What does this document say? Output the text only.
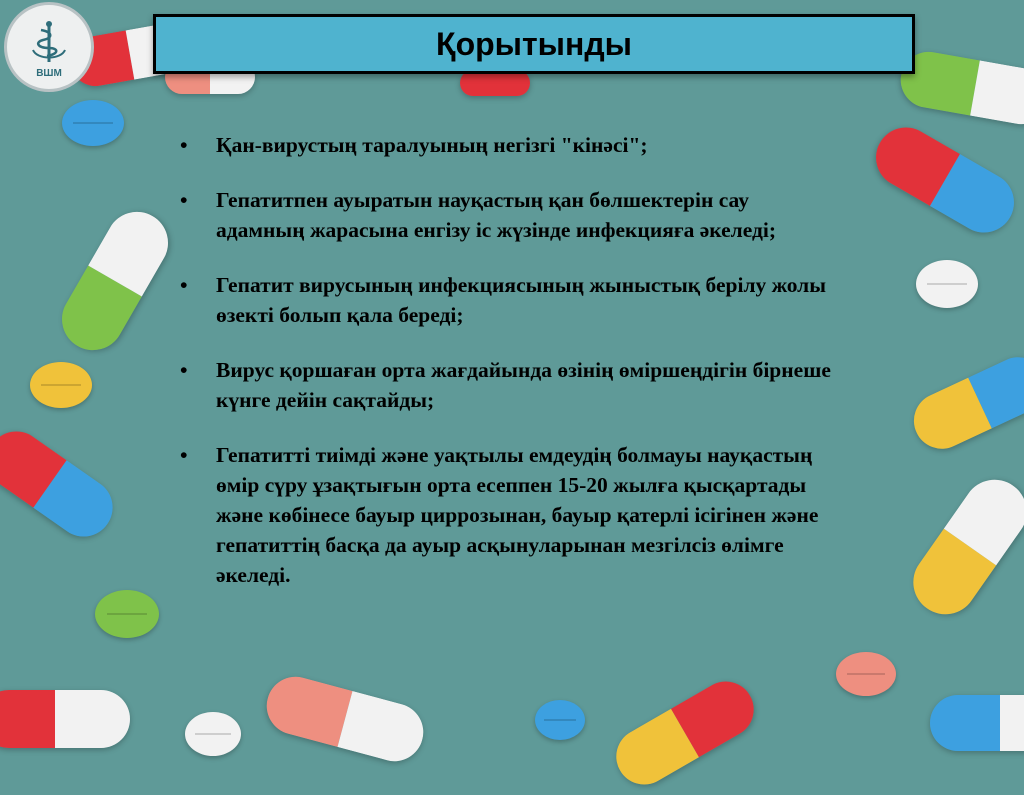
ВШМ
Қорытынды
• Қан-вирустың таралуының негізгі "кінәсі";
• Гепатитпен ауыратын науқастың қан бөлшектерін сау адамның жарасына енгізу іс жүзінде инфекцияға әкеледі;
• Гепатит вирусының инфекциясының жыныстық берілу жолы өзекті болып қала береді;
• Вирус қоршаған орта жағдайында өзінің өміршеңдігін бірнеше күнге дейін сақтайды;
• Гепатитті тиімді және уақтылы емдеудің болмауы науқастың өмір сүру ұзақтығын орта есеппен 15-20 жылға қысқартады және көбінесе бауыр циррозынан, бауыр қатерлі ісігінен және гепатиттің басқа да ауыр асқынуларынан мезгілсіз өлімге әкеледі.
